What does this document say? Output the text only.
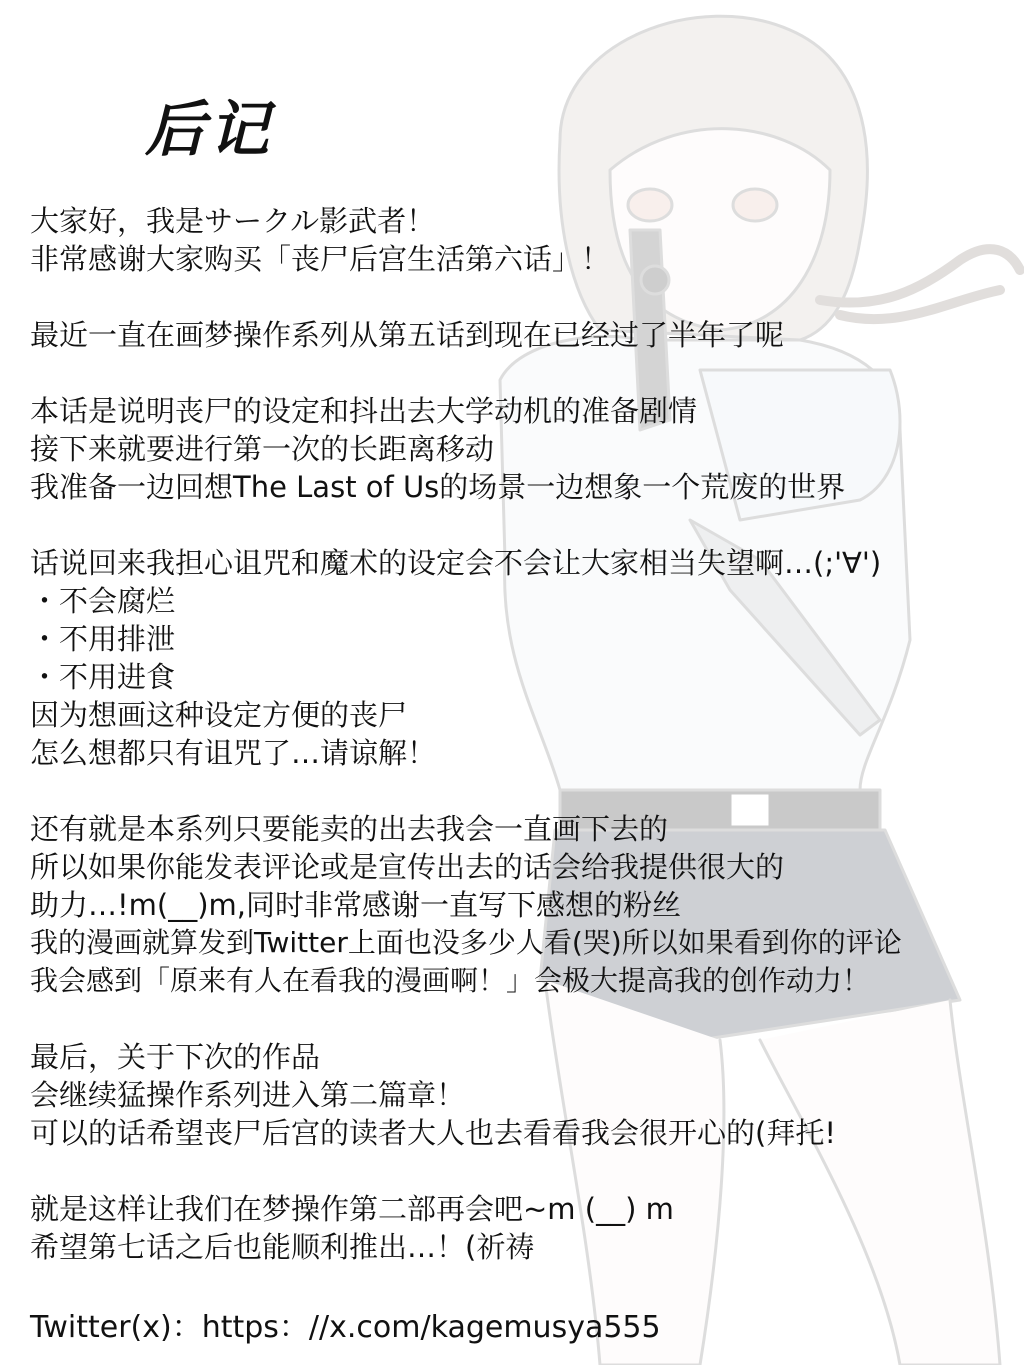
后记
大家好，我是サークル影武者！
非常感谢大家购买「丧尸后宫生活第六话」！
最近一直在画梦操作系列从第五话到现在已经过了半年了呢
本话是说明丧尸的设定和抖出去大学动机的准备剧情
接下来就要进行第一次的长距离移动
我准备一边回想The Last of Us的场景一边想象一个荒废的世界
话说回来我担心诅咒和魔术的设定会不会让大家相当失望啊…(;'∀')
・不会腐烂
・不用排泄
・不用进食
因为想画这种设定方便的丧尸
怎么想都只有诅咒了…请谅解！
还有就是本系列只要能卖的出去我会一直画下去的
所以如果你能发表评论或是宣传出去的话会给我提供很大的
助力…!m(__)m,同时非常感谢一直写下感想的粉丝
我的漫画就算发到Twitter上面也没多少人看(哭)所以如果看到你的评论
我会感到「原来有人在看我的漫画啊！」会极大提高我的创作动力！
最后，关于下次的作品
会继续猛操作系列进入第二篇章！
可以的话希望丧尸后宫的读者大人也去看看我会很开心的(拜托!
就是这样让我们在梦操作第二部再会吧~m (__) m
希望第七话之后也能顺利推出…！(祈祷
Twitter(x)：https：//x.com/kagemusya555
